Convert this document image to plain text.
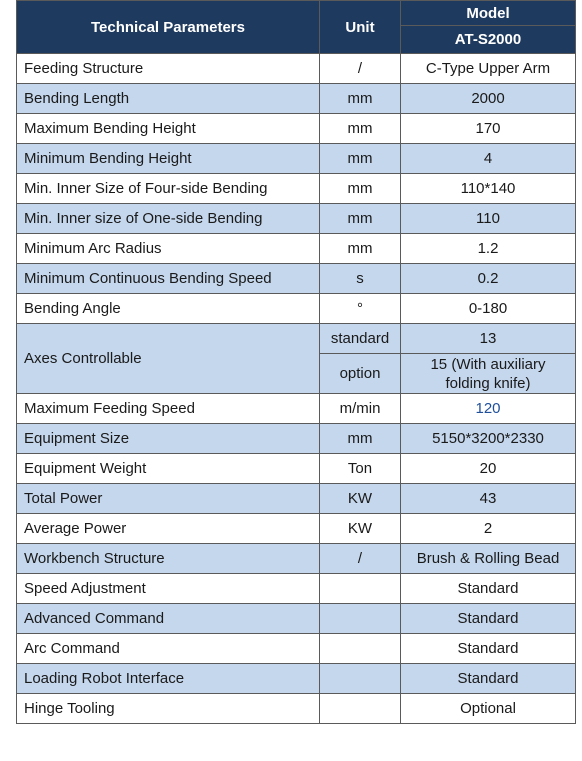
Technical Parameters	Unit	Model
		AT-S2000
Feeding Structure	/	C-Type Upper Arm
Bending Length	mm	2000
Maximum Bending Height	mm	170
Minimum Bending Height	mm	4
Min. Inner Size of Four-side Bending	mm	110*140
Min. Inner size of One-side Bending	mm	110
Minimum Arc Radius	mm	1.2
Minimum Continuous Bending Speed	s	0.2
Bending Angle	°	0-180
Axes Controllable	standard	13
	option	15 (With auxiliary
folding knife)
Maximum Feeding Speed	m/min	120
Equipment Size	mm	5150*3200*2330
Equipment Weight	Ton	20
Total Power	KW	43
Average Power	KW	2
Workbench Structure	/	Brush & Rolling Bead
Speed Adjustment		Standard
Advanced Command		Standard
Arc Command		Standard
Loading Robot Interface		Standard
Hinge Tooling		Optional
